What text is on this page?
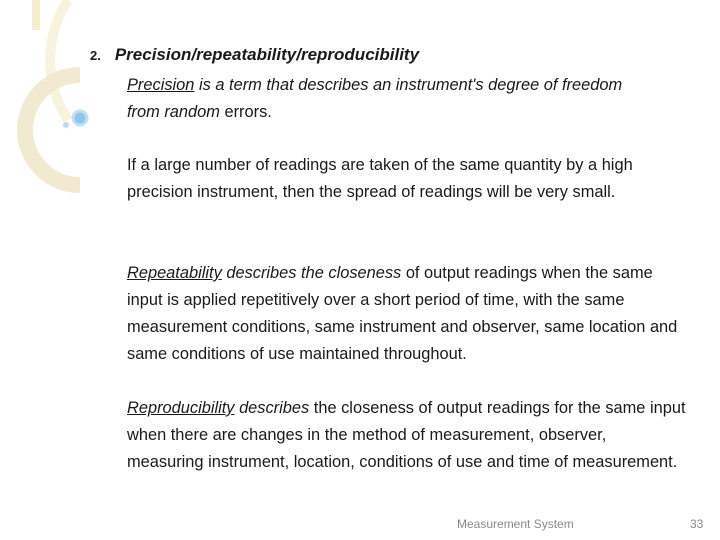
2. Precision/repeatability/reproducibility

Precision is a term that describes an instrument's degree of freedom
from random errors.

If a large number of readings are taken of the same quantity by a high precision instrument, then the spread of readings will be very small.

Repeatability describes the closeness of output readings when the same input is applied repetitively over a short period of time, with the same measurement conditions, same instrument and observer, same location and same conditions of use maintained throughout.

Reproducibility describes the closeness of output readings for the same input when there are changes in the method of measurement, observer, measuring instrument, location, conditions of use and time of measurement.

Measurement System	33
